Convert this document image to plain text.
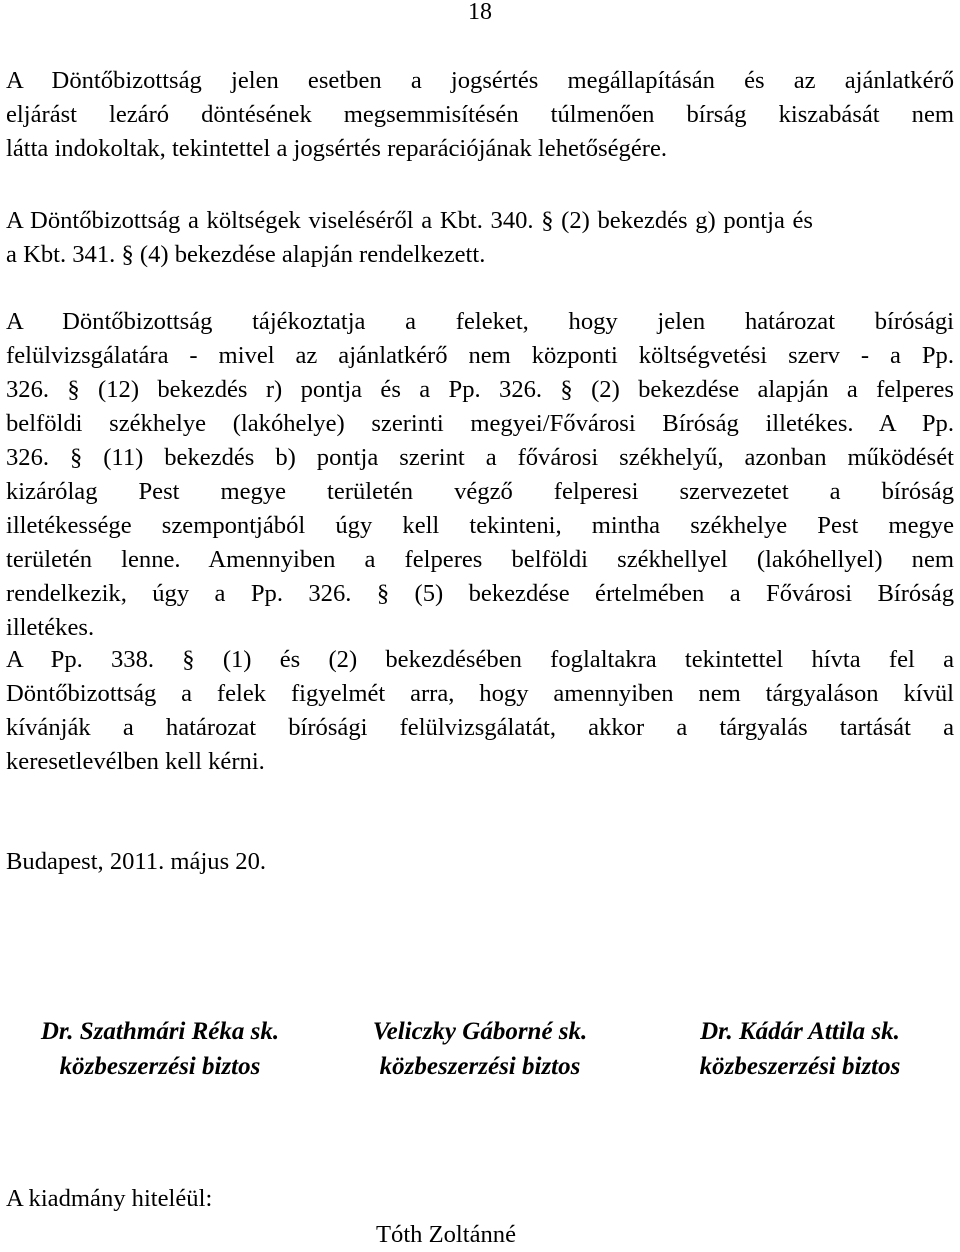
18
A Döntőbizottság jelen esetben a jogsértés megállapításán és az ajánlatkérő
eljárást lezáró döntésének megsemmisítésén túlmenően bírság kiszabását nem
látta indokoltak, tekintettel a jogsértés reparációjának lehetőségére.
A Döntőbizottság a költségek viseléséről a Kbt. 340. § (2) bekezdés g) pontja és
a Kbt. 341. § (4) bekezdése alapján rendelkezett.
A Döntőbizottság tájékoztatja a feleket, hogy jelen határozat bírósági
felülvizsgálatára - mivel az ajánlatkérő nem központi költségvetési szerv - a Pp.
326. § (12) bekezdés r) pontja és a Pp. 326. § (2) bekezdése alapján a felperes
belföldi székhelye (lakóhelye) szerinti megyei/Fővárosi Bíróság illetékes. A Pp.
326. § (11) bekezdés b) pontja szerint a fővárosi székhelyű, azonban működését
kizárólag Pest megye területén végző felperesi szervezetet a bíróság
illetékessége szempontjából úgy kell tekinteni, mintha székhelye Pest megye
területén lenne. Amennyiben a felperes belföldi székhellyel (lakóhellyel) nem
rendelkezik, úgy a Pp. 326. § (5) bekezdése értelmében a Fővárosi Bíróság
illetékes.
A Pp. 338. § (1) és (2) bekezdésében foglaltakra tekintettel hívta fel a
Döntőbizottság a felek figyelmét arra, hogy amennyiben nem tárgyaláson kívül
kívánják a határozat bírósági felülvizsgálatát, akkor a tárgyalás tartását a
keresetlevélben kell kérni.
Budapest, 2011. május 20.
Dr. Szathmári Réka sk.
közbeszerzési biztos
Veliczky Gáborné sk.
közbeszerzési biztos
Dr. Kádár Attila sk.
közbeszerzési biztos
A kiadmány hiteléül:
Tóth Zoltánné
